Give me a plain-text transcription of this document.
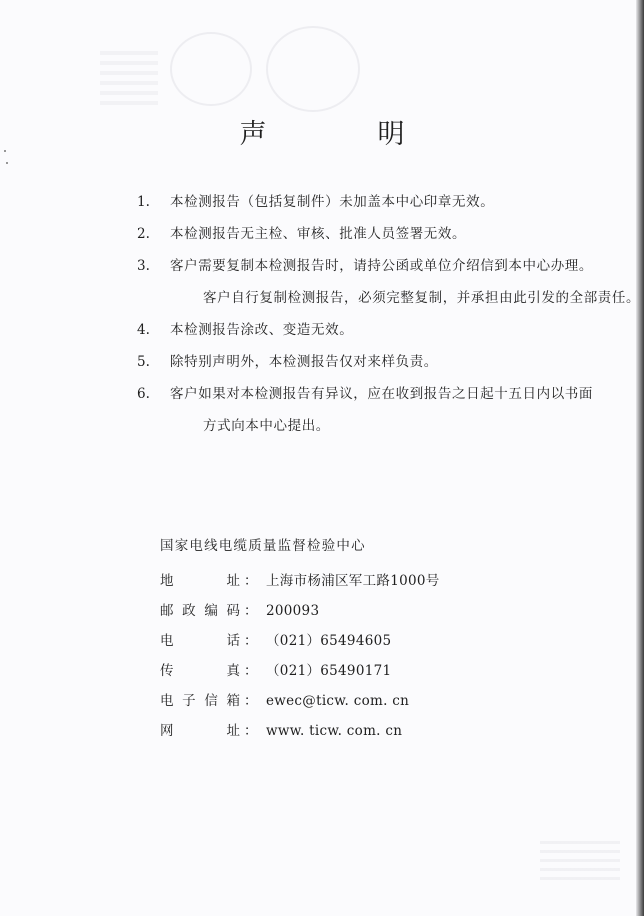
声　明
1.	本检测报告（包括复制件）未加盖本中心印章无效。
2.	本检测报告无主检、审核、批准人员签署无效。
3.	客户需要复制本检测报告时，请持公函或单位介绍信到本中心办理。
客户自行复制检测报告，必须完整复制，并承担由此引发的全部责任。
4.	本检测报告涂改、变造无效。
5.	除特别声明外，本检测报告仅对来样负责。
6.	客户如果对本检测报告有异议，应在收到报告之日起十五日内以书面
方式向本中心提出。
国家电线电缆质量监督检验中心
地	址 ： 上海市杨浦区军工路1000号
邮 政 编 码 ： 200093
电	话 ： （021）65494605
传	真 ： （021）65490171
电 子 信 箱 ： ewec@ticw. com. cn
网	址 ： www. ticw. com. cn
